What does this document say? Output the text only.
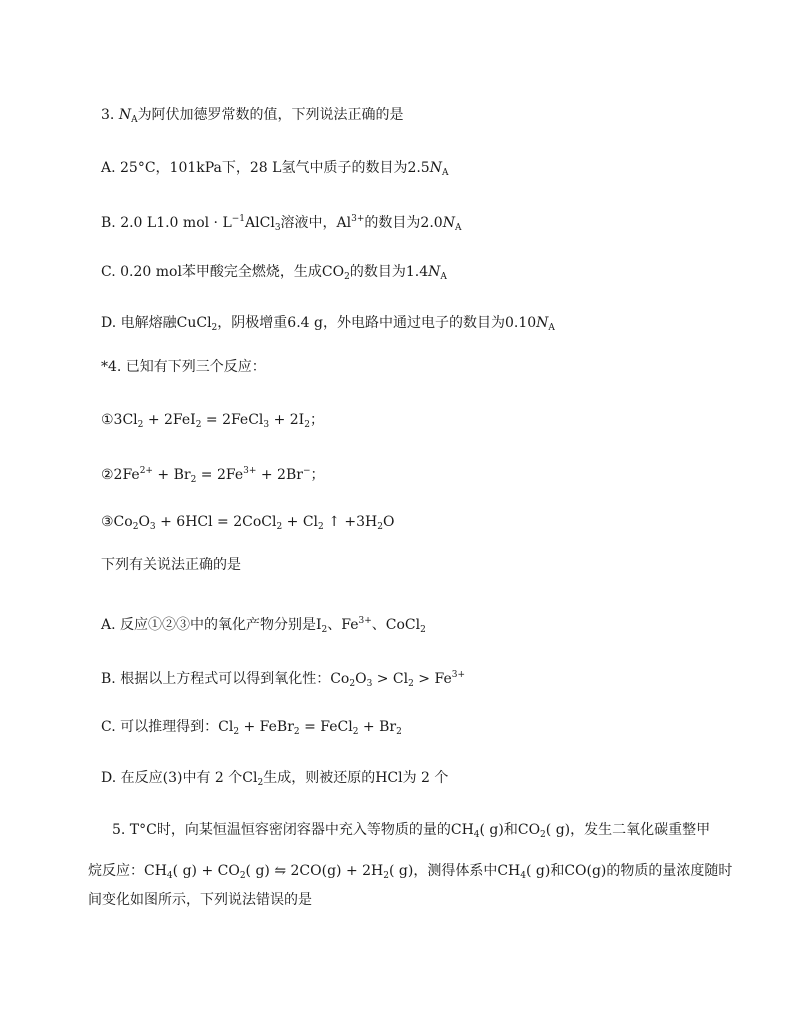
3. $N_A$为阿伏加德罗常数的值，下列说法正确的是
A. 25°C，101kPa下，28 L氢气中质子的数目为$2.5N_A$
B. 2.0 L1.0 mol · $L^{-1}AlCl_3$溶液中，$Al^{3+}$的数目为$2.0N_A$
C. 0.20 mol苯甲酸完全燃烧，生成$CO_2$的数目为$1.4N_A$
D. 电解熔融CuCl$_2$，阴极增重6.4 g，外电路中通过电子的数目为$0.10N_A$
*4. 已知有下列三个反应：
$①3Cl_2 + 2FeI_2$ = 2FeCl$_3$ + $2I_2$；
$②2Fe^{2+} + Br_2 = 2Fe^{3+} + 2Br^-$；
$③Co_2O_3 + 6HCl$ = 2CoCl$_2$ + $Cl_2$ ↑ $+3H_2O$
下列有关说法正确的是
A. 反应①②③中的氧化产物分别是$I_2$、$Fe^{3+}$、CoCl$_2$
B. 根据以上方程式可以得到氧化性：$Co_2O_3 > Cl_2 > Fe^{3+}$
C. 可以推理得到：$Cl_2$ + FeBr$_2$ = FeCl$_2$ + $Br_2$
D. 在反应(3)中有 2 个$Cl_2$生成，则被还原的HCl为 2 个
5. T°C时，向某恒温恒容密闭容器中充入等物质的量的$CH_4$( g)和$CO_2$( g)，发生二氧化碳重整甲
烷反应：$CH_4$( $g) + CO_2$( g) ⇋ $2CO(g) + 2H_2$( g)，测得体系中$CH_4$( g)和CO(g)的物质的量浓度随时
间变化如图所示，下列说法错误的是
